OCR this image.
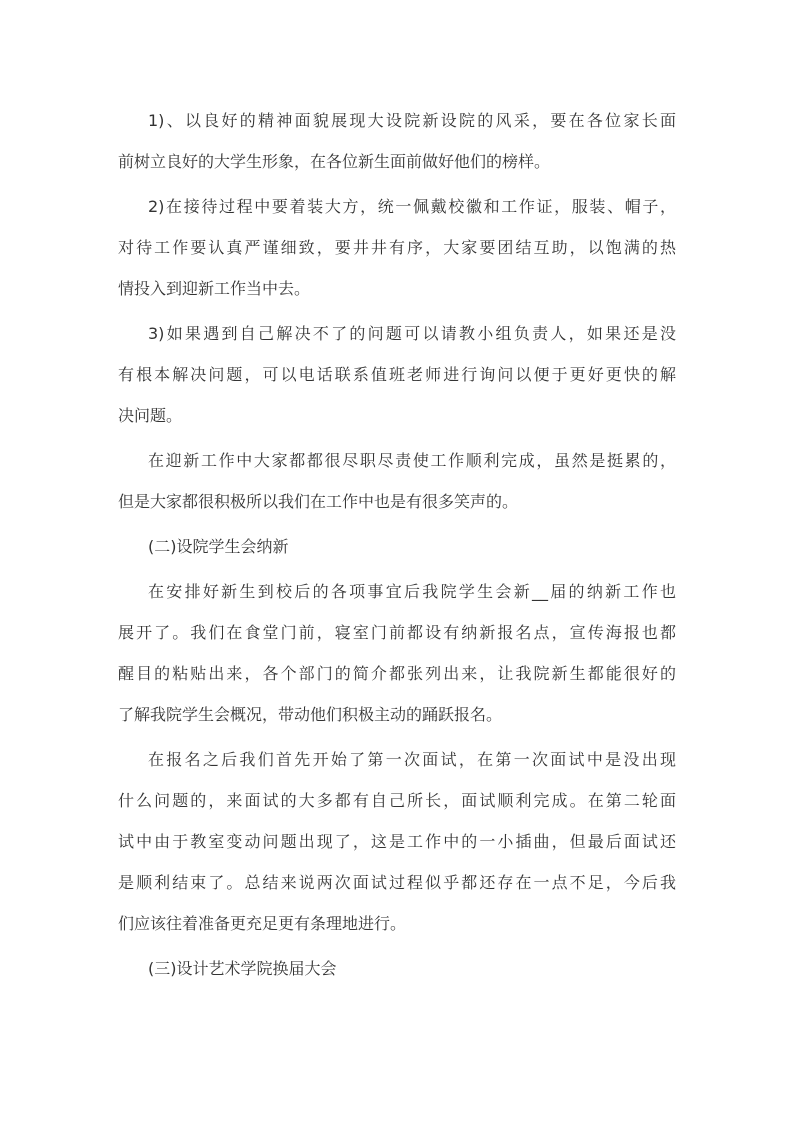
1)、以良好的精神面貌展现大设院新设院的风采，要在各位家长面
前树立良好的大学生形象，在各位新生面前做好他们的榜样。
2)在接待过程中要着装大方，统一佩戴校徽和工作证，服装、帽子，
对待工作要认真严谨细致，要井井有序，大家要团结互助，以饱满的热
情投入到迎新工作当中去。
3)如果遇到自己解决不了的问题可以请教小组负责人，如果还是没
有根本解决问题，可以电话联系值班老师进行询问以便于更好更快的解
决问题。
在迎新工作中大家都都很尽职尽责使工作顺利完成，虽然是挺累的，
但是大家都很积极所以我们在工作中也是有很多笑声的。
(二)设院学生会纳新
在安排好新生到校后的各项事宜后我院学生会新__届的纳新工作也
展开了。我们在食堂门前，寝室门前都设有纳新报名点，宣传海报也都
醒目的粘贴出来，各个部门的简介都张列出来，让我院新生都能很好的
了解我院学生会概况，带动他们积极主动的踊跃报名。
在报名之后我们首先开始了第一次面试，在第一次面试中是没出现
什么问题的，来面试的大多都有自己所长，面试顺利完成。在第二轮面
试中由于教室变动问题出现了，这是工作中的一小插曲，但最后面试还
是顺利结束了。总结来说两次面试过程似乎都还存在一点不足，今后我
们应该往着准备更充足更有条理地进行。
(三)设计艺术学院换届大会
